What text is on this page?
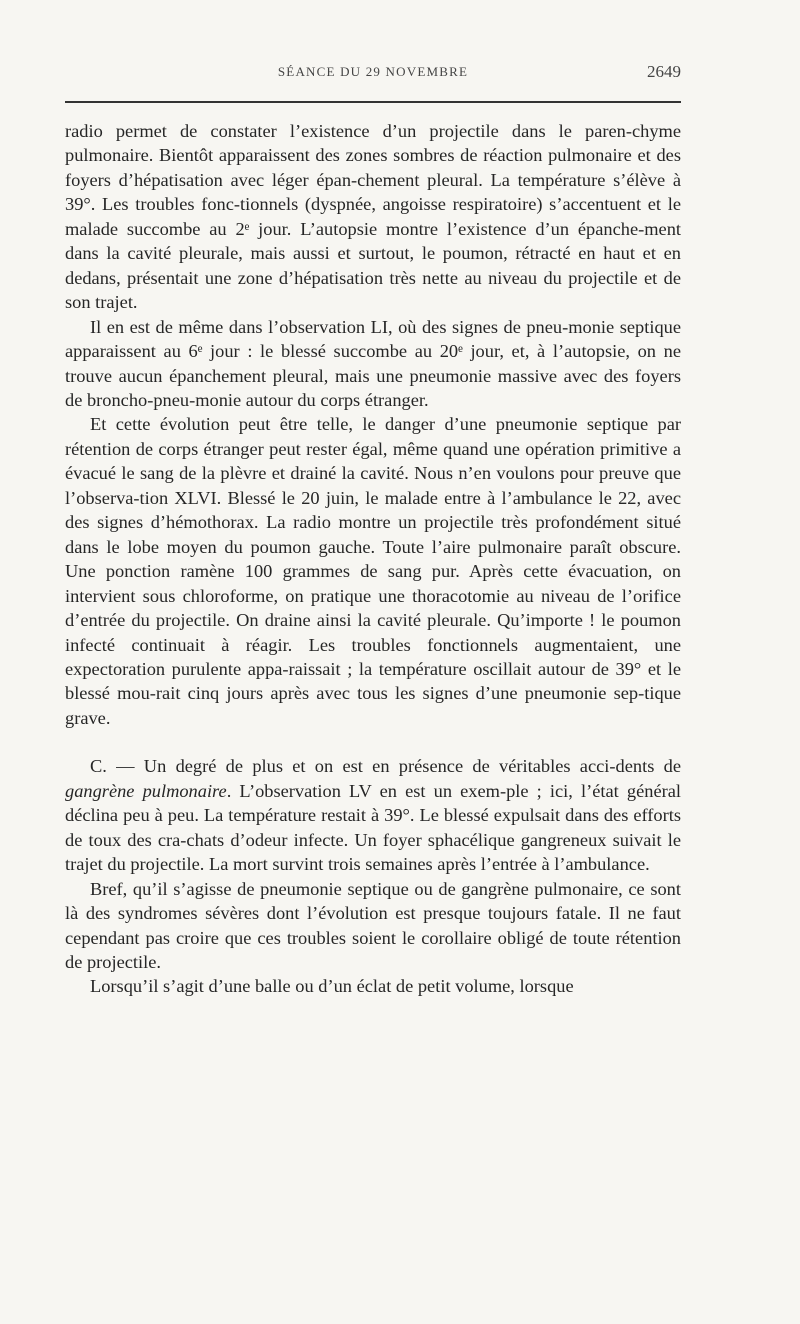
SÉANCE DU 29 NOVEMBRE	2649

radio permet de constater l’existence d’un projectile dans le paren-chyme pulmonaire. Bientôt apparaissent des zones sombres de réaction pulmonaire et des foyers d’hépatisation avec léger épan-chement pleural. La température s’élève à 39°. Les troubles fonc-tionnels (dyspnée, angoisse respiratoire) s’accentuent et le malade succombe au 2ᵉ jour. L’autopsie montre l’existence d’un épanche-ment dans la cavité pleurale, mais aussi et surtout, le poumon, rétracté en haut et en dedans, présentait une zone d’hépatisation très nette au niveau du projectile et de son trajet.

Il en est de même dans l’observation LI, où des signes de pneu-monie septique apparaissent au 6ᵉ jour : le blessé succombe au 20ᵉ jour, et, à l’autopsie, on ne trouve aucun épanchement pleural, mais une pneumonie massive avec des foyers de broncho-pneu-monie autour du corps étranger.

Et cette évolution peut être telle, le danger d’une pneumonie septique par rétention de corps étranger peut rester égal, même quand une opération primitive a évacué le sang de la plèvre et drainé la cavité. Nous n’en voulons pour preuve que l’observa-tion XLVI. Blessé le 20 juin, le malade entre à l’ambulance le 22, avec des signes d’hémothorax. La radio montre un projectile très profondément situé dans le lobe moyen du poumon gauche. Toute l’aire pulmonaire paraît obscure. Une ponction ramène 100 grammes de sang pur. Après cette évacuation, on intervient sous chloroforme, on pratique une thoracotomie au niveau de l’orifice d’entrée du projectile. On draine ainsi la cavité pleurale. Qu’importe ! le poumon infecté continuait à réagir. Les troubles fonctionnels augmentaient, une expectoration purulente appa-raissait ; la température oscillait autour de 39° et le blessé mou-rait cinq jours après avec tous les signes d’une pneumonie sep-tique grave.

C. — Un degré de plus et on est en présence de véritables acci-dents de gangrène pulmonaire. L’observation LV en est un exem-ple ; ici, l’état général déclina peu à peu. La température restait à 39°. Le blessé expulsait dans des efforts de toux des cra-chats d’odeur infecte. Un foyer sphacélique gangreneux suivait le trajet du projectile. La mort survint trois semaines après l’entrée à l’ambulance.

Bref, qu’il s’agisse de pneumonie septique ou de gangrène pulmonaire, ce sont là des syndromes sévères dont l’évolution est presque toujours fatale. Il ne faut cependant pas croire que ces troubles soient le corollaire obligé de toute rétention de projectile.

Lorsqu’il s’agit d’une balle ou d’un éclat de petit volume, lorsque
